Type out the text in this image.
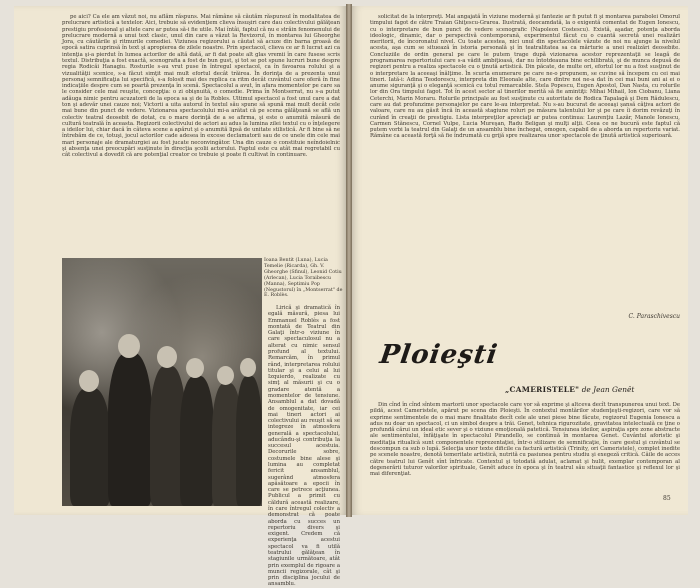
pe aici? Ca ele am văzut noi, nu aflăm răspuns. Mai rămâne să căutăm răspunsul în modalitatea de prelucrare artistică a textelor. Aici, trebuie să evidenţiem clieva însuşiri care dau colectivului gălăţean prestigiu profesional şi altele care ar putea să-i fie utile. Mai întâi, faptul că nu e străin fenomenului de prelucrare modernă a unui text clasic, unul din care a văzut la Revizorul, în montarea lui Gheorghe Jora, cu căutările şi ritmurile comediei. Viziunea regizorului a căutat să acuze din barna groasă de epocă satira cuprinsă în text şi apropierea de zilele noastre. Prin spectacol, clieva ce ar fi lucrat azi ca intenţia şi-a pierdut în lumea actorilor de altă dată, ar fi dat poate alt glas vremii în care fusese scris textul. Distribuţia a fost exactă, scenografia a fost de bun gust, şi tot se pot spune lucruri bune despre regia Rodicăi Hanagiu. Rosturile s-au vrut puse în întregul spectacol, ca în favoarea rolului şi a vizualităţii scenice, s-a făcut simţit mai mult efortul decât trăirea. În dorinţa de a prezenta unui personaj semnificaţia lui specifică, s-a folosit mai des replica ca ritm decât cuvântul care oferă în fine indicaţiile despre cum se poartă prezenţa în scenă. Spectacolul a avut, în afara momentelor pe care sa le consider cele mai reuşite, concepţia: o zi obişnuită, o comedie. Prima în Montserrat, nu s-a putut adăuga nimic pentru acuzatorii de la epoca sa şi de la Robles. Ultimul spectacol a fost unul care a dat ton şi adevăr unei cauze noi; Victorii a uita autorul în textul său spune să spună mai mult decât cele mai bune din punct de vedere. Vizionarea spectacolului mi-a arătat că pe scena gălăţeană se află un colectiv teatral deosebit de dotat, cu o mare dorinţă de a se afirma, şi este o anumită măsură de cultură teatrală în aceasta. Regizorii colectivului de actori au adus la lumina zilei textul cu o înţelegere a ideilor lui, chiar dacă în câteva scene a apărut şi o anumită lipsă de unitate stilistică. Ar fi bine să ne întrebăm de ce, totuşi, jocul actorilor cade adesea în excese declamatorii sau de ce unele din cele mai mari personaje ale dramaturgiei au fost jucate neconvingător. Una din cauze o constituie neîndoielnic şi absenţa unei preocupări susţinute în direcţia şcolii actorului. Faptul este cu atât mai regretabil cu cât colectivul a dovedit că are potenţial creator ce trebuie şi poate fi cultivat în continuare.

Ioana Bentit (Luna), Lucia Temelie (Ricarda), Gh. V. Gheorghe (Sfinul), Leonid Cotiu (Arlecan), Lucia Toraibescu (Manna), Septimiu Pop (Negustorul) în „Montserrat" de E. Roblès.

Lirică şi dramatică în egală măsură, piesa lui Emmanuel Roblès a fost montată de Teatrul din Galaţi într-o viziune în care spectaculosul nu a alterat cu nimic sensul profund al textului. Remarcăm, în primul rând, interpretarea rolului titular şi a celui al lui Izquierdo, realizate cu simţ al măsurii şi cu o gradare atentă a momentelor de tensiune. Ansamblul a dat dovadă de omogenitate, iar cei mai tineri actori ai colectivului au reuşit să se integreze în atmosfera generală a spectacolului, aducându-şi contribuţia la succesul acestuia. Decorurile sobre, costumele bine alese şi lumina au completat fericit ansamblul, sugerând atmosfera apăsătoare a epocii în care se petrece acţiunea. Publicul a primit cu căldură această realizare, în care întregul colectiv a demonstrat că poate aborda cu succes un repertoriu divers şi exigent. Credem că experienţa acestui spectacol va fi utilă teatrului gălăţean în stagiunile următoare, atât prin exemplul de rigoare a muncii regizorale, cât şi prin disciplina jocului de ansamblu.

solicitat de la interpreţi. Mai angajată în viziune modernă şi fantezie ar fi putut fi şi montarea parabolei Omorul timpului fagot de către Traian Ghiţescu-Grarea. Ilustrată, deocamdată, la o exigentă comentat de Eugen Ionescu, cu o interpretare de bun punct de vedere scenografic (Napoleon Costescu). Există, aşadar, potenţa aborda ideologic, dinamic, dar o perspectivă contemporană, experimentul făcut cu o cuantă secretă unei realizări meritorii, de încoronatul nivel. Cu toate acestea, nici unul din spectacolele văzute de noi nu ajunge la nivelul acesta, aşa cum se situează în istoria personală şi în teatralitatea sa ca mărturie a unei realizări deosebite. Concluziile de ordin general pe care le putem trage după vizionarea acestor reprezentaţii se leagă de programarea repertoriului care s-a vădit ambiţioasă, dar nu întotdeauna bine echilibrată, şi de munca depusă de regizori pentru a realiza spectacole cu o ţinută artistică. Din păcate, de multe ori, efortul lor nu a fost susţinut de o interpretare la aceeaşi înălţime. În scurta enumerare pe care ne-o propunem, se cuvine să începem cu cei mai tineri. Iată-i: Adina Teodorescu, interpreta din Eleonale alte, care dintre noi ne-a dat în cei mai buni ani ai ei o anume siguranţă şi o eleganţă scenică cu totul remarcabile. Stela Popescu, Eugen Apostol, Dan Nasta, cu rolurile lor din Ora timpului fagot. Tot în acest sector al tinerilor merită să fie amintiţi: Mihai Mihail, Ion Ciobanu, Liana Ceterchi, Marin Moraru. Rolurile principale au fost susţinute cu autoritate de Rodica Tapalagă şi Dem Rădulescu, care au dat profunzime personajelor pe care le-au interpretat. Nu s-au bucurat de aceeaşi şansă câţiva actori de valoare, care nu au găsit încă în această stagiune roluri pe măsura talentului lor şi pe care îi dorim revăzuţi în curând în creaţii de prestigiu. Lista interpreţilor apreciaţi ar putea continua: Laurenţiu Lazăr, Manole Ionescu, Carmen Stănescu, Cornel Vulpe, Lucia Mureşan, Radu Beligan şi mulţi alţii. Ceea ce ne bucură este faptul că putem vorbi la teatrul din Galaţi de un ansamblu bine închegat, omogen, capabil de a aborda un repertoriu variat. Rămâne ca această forţă să fie îndrumată cu grijă spre realizarea unor spectacole de ţinută artistică superioară.

C. Paraschivescu
Ploieşti
„CAMERISTELE" de Jean Genêt

Din cînd în cînd sîntem martorii unor spectacole care vor să exprime şi altceva decît transpunerea unui text. De pildă, acest Cameristele, apărut pe scena din Ploieşti. În contextul montărilor studenţeşti-regizori, care vor să exprime sentimentele de o mai mare finalitate decît cele ale unei piese bine făcute, regizorul Eugenia Ionescu a adus nu doar un spectacol, ci un simbol despre a trăi. Genet, tehnica rigurozitate, gravitatea intelectuală ce ţine o profundă cărui un ideal etic sever şi o viziune emoţională patetică. Tensiunea ideilor, aspiraţia spre zone abstracte ale sentimentului, înfăţişate în spectacolul Pirandello, se continuă în montarea Genet. Cuvântul aforistic şi meditaţia ritualică sunt componentele reprezentaţiei, într-o stilizare de semnificaţie, în care gestul şi cuvântul se descompun ca sub o lupă. Selecţia unor texte dificile ca factură artistică (Trinity, ori Cameristele), complet inedite pe scenele noastre, denotă temeritate artistică, nutrită cu pasiunea pentru studiu şi exegeză critică. Căile de acces către teatrul lui Genêt sînt înfricate. Contextul şi totodată adulat, aclamat şi hulit, exemplar contemporan al degenerării tuturor valorilor spirituale, Genêt aduce în epoca şi în teatrul său situaţii fantastice şi reflexul lor şi mai diferenţiat.

85
